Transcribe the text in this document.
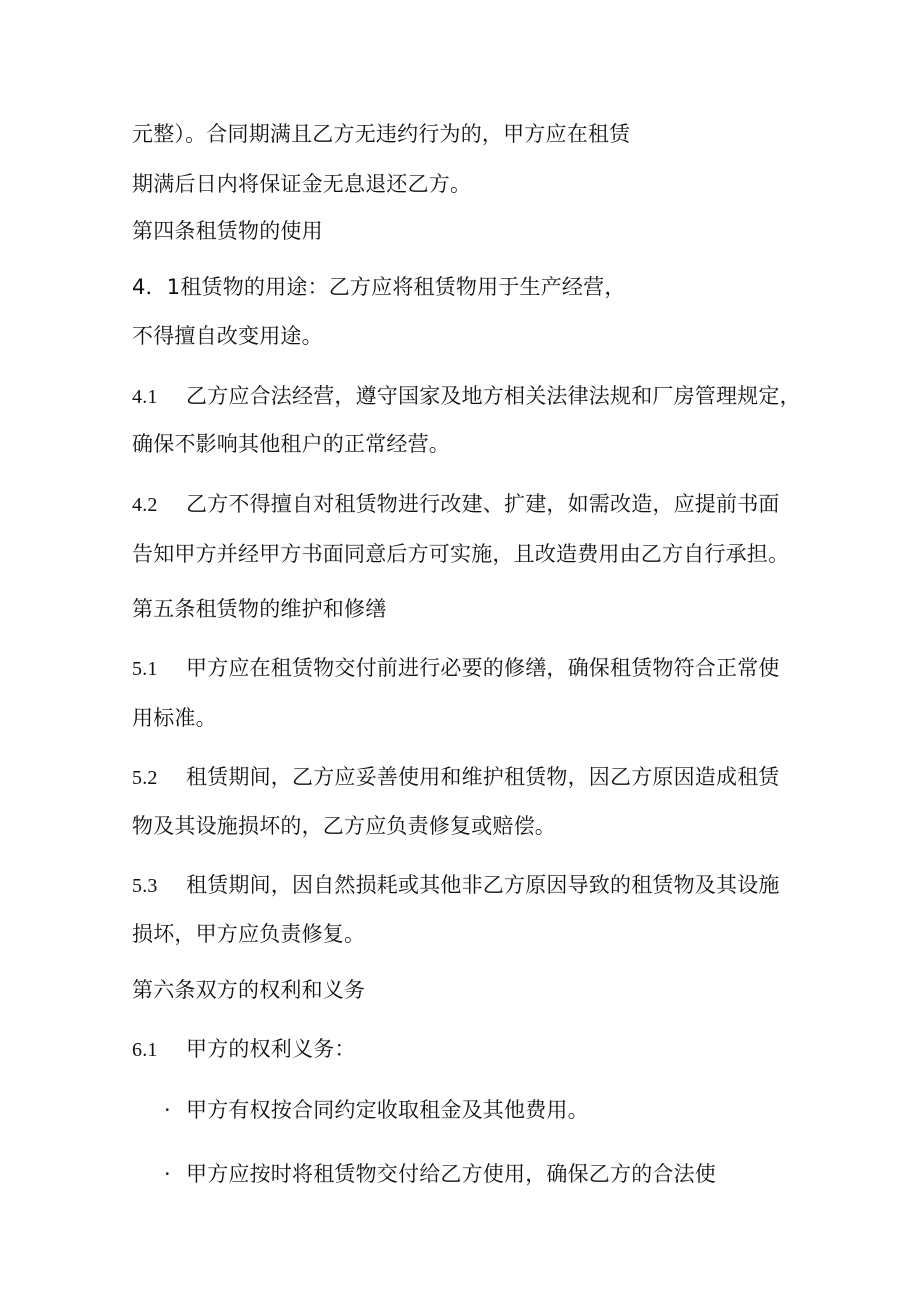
元整）。合同期满且乙方无违约行为的，甲方应在租赁
期满后日内将保证金无息退还乙方。
第四条租赁物的使用
4．1租赁物的用途：乙方应将租赁物用于生产经营，
不得擅自改变用途。
4.1 乙方应合法经营，遵守国家及地方相关法律法规和厂房管理规定，
确保不影响其他租户的正常经营。
4.2 乙方不得擅自对租赁物进行改建、扩建，如需改造，应提前书面
告知甲方并经甲方书面同意后方可实施，且改造费用由乙方自行承担。
第五条租赁物的维护和修缮
5.1 甲方应在租赁物交付前进行必要的修缮，确保租赁物符合正常使
用标准。
5.2 租赁期间，乙方应妥善使用和维护租赁物，因乙方原因造成租赁
物及其设施损坏的，乙方应负责修复或赔偿。
5.3 租赁期间，因自然损耗或其他非乙方原因导致的租赁物及其设施
损坏，甲方应负责修复。
第六条双方的权利和义务
6.1 甲方的权利义务：
· 甲方有权按合同约定收取租金及其他费用。
· 甲方应按时将租赁物交付给乙方使用，确保乙方的合法使
